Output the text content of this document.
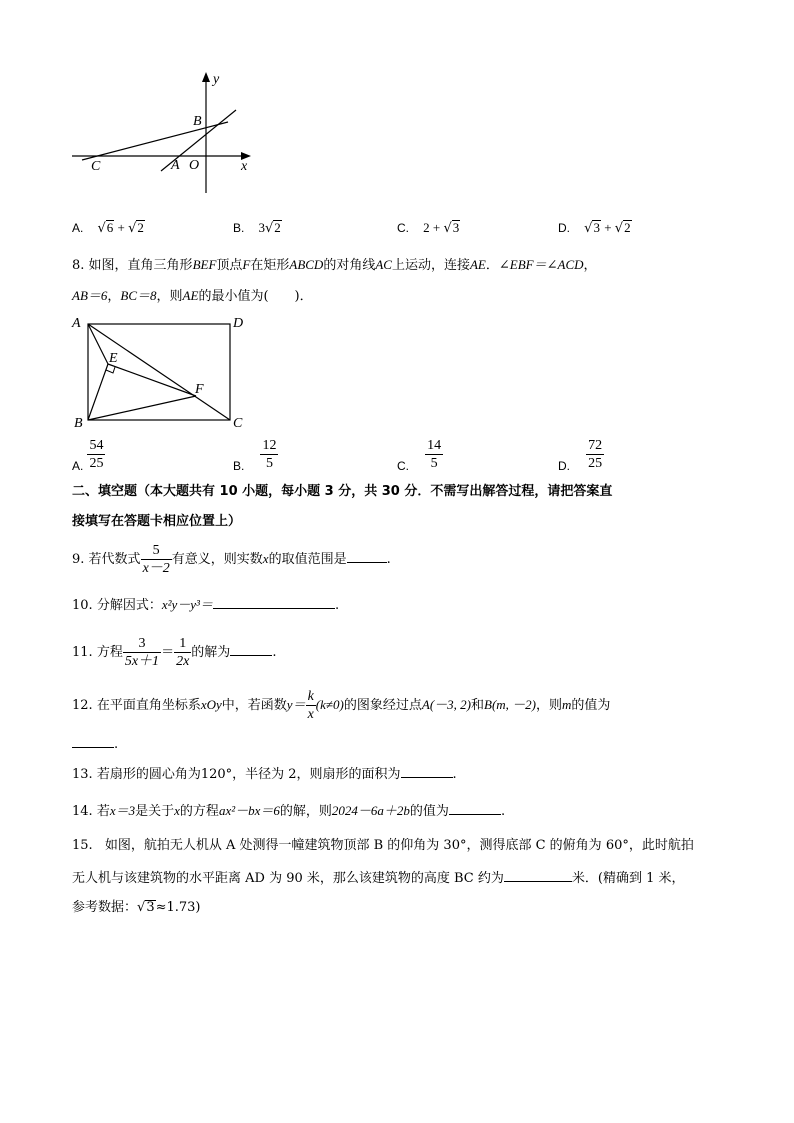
y
B
C	A O	x
A. √6 + √2	B. 3√2	C. 2 + √3	D. √3 + √2
8. 如图，直角三角形BEF顶点F在矩形ABCD的对角线AC上运动，连接AE．∠EBF＝∠ACD，
AB＝6，BC＝8，则AE的最小值为(　　)．
A	D
E
F
B	C
A. $\frac{54}{25}$	B. $\frac{12}{5}$	C. $\frac{14}{5}$	D. $\frac{72}{25}$
二、填空题（本大题共有 10 小题，每小题 3 分，共 30 分．不需写出解答过程，请把答案直
接填写在答题卡相应位置上）
9. 若代数式 $\frac{5}{x-2}$ 有意义，则实数x的取值范围是	.
10. 分解因式：x²y－y³＝	.
11. 方程 $\frac{3}{5x+1} = \frac{1}{2x}$ 的解为	.
12. 在平面直角坐标系xOy中，若函数$y= \frac{k}{x} (k\ne 0)$的图象经过点A(－3, 2)和B(m, －2)，则m的值为
.
13. 若扇形的圆心角为120°，半径为 2，则扇形的面积为	.
14. 若x＝3是关于x的方程ax²－bx＝6的解，则2024－6a＋2b的值为	.
15. 如图，航拍无人机从 A 处测得一幢建筑物顶部 B 的仰角为 30°，测得底部 C 的俯角为 60°，此时航拍
无人机与该建筑物的水平距离 AD 为 90 米，那么该建筑物的高度 BC 约为	米．(精确到 1 米，
参考数据：√3≈1.73)
